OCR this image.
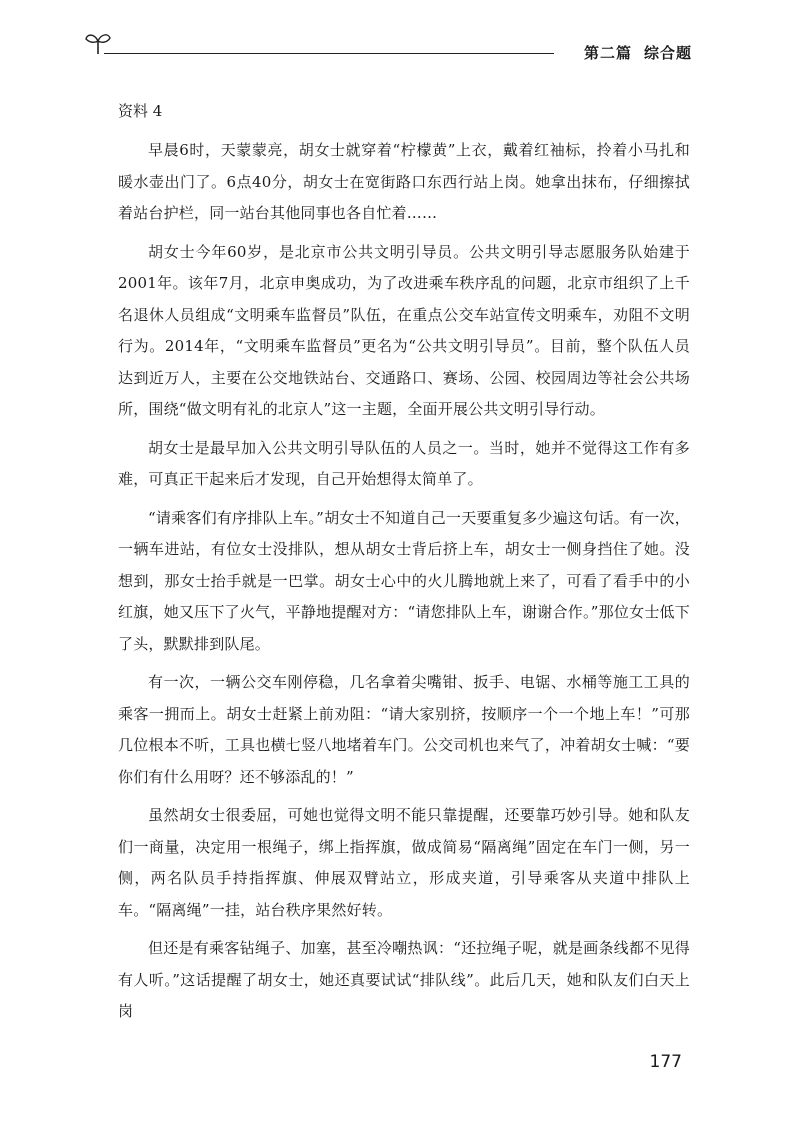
第二篇 综合题

资料 4

早晨6时，天蒙蒙亮，胡女士就穿着“柠檬黄”上衣，戴着红袖标，拎着小马扎和暖水壶出门了。6点40分，胡女士在宽街路口东西行站上岗。她拿出抹布，仔细擦拭着站台护栏，同一站台其他同事也各自忙着……

胡女士今年60岁，是北京市公共文明引导员。公共文明引导志愿服务队始建于2001年。该年7月，北京申奥成功，为了改进乘车秩序乱的问题，北京市组织了上千名退休人员组成“文明乘车监督员”队伍，在重点公交车站宣传文明乘车，劝阻不文明行为。2014年，“文明乘车监督员”更名为“公共文明引导员”。目前，整个队伍人员达到近万人，主要在公交地铁站台、交通路口、赛场、公园、校园周边等社会公共场所，围绕“做文明有礼的北京人”这一主题，全面开展公共文明引导行动。

胡女士是最早加入公共文明引导队伍的人员之一。当时，她并不觉得这工作有多难，可真正干起来后才发现，自己开始想得太简单了。

“请乘客们有序排队上车。”胡女士不知道自己一天要重复多少遍这句话。有一次，一辆车进站，有位女士没排队，想从胡女士背后挤上车，胡女士一侧身挡住了她。没想到，那女士抬手就是一巴掌。胡女士心中的火儿腾地就上来了，可看了看手中的小红旗，她又压下了火气，平静地提醒对方：“请您排队上车，谢谢合作。”那位女士低下了头，默默排到队尾。

有一次，一辆公交车刚停稳，几名拿着尖嘴钳、扳手、电锯、水桶等施工工具的乘客一拥而上。胡女士赶紧上前劝阻：“请大家别挤，按顺序一个一个地上车！”可那几位根本不听，工具也横七竖八地堵着车门。公交司机也来气了，冲着胡女士喊：“要你们有什么用呀？还不够添乱的！”

虽然胡女士很委屈，可她也觉得文明不能只靠提醒，还要靠巧妙引导。她和队友们一商量，决定用一根绳子，绑上指挥旗，做成简易“隔离绳”固定在车门一侧，另一侧，两名队员手持指挥旗、伸展双臂站立，形成夹道，引导乘客从夹道中排队上车。“隔离绳”一挂，站台秩序果然好转。

但还是有乘客钻绳子、加塞，甚至冷嘲热讽：“还拉绳子呢，就是画条线都不见得有人听。”这话提醒了胡女士，她还真要试试“排队线”。此后几天，她和队友们白天上岗

177
